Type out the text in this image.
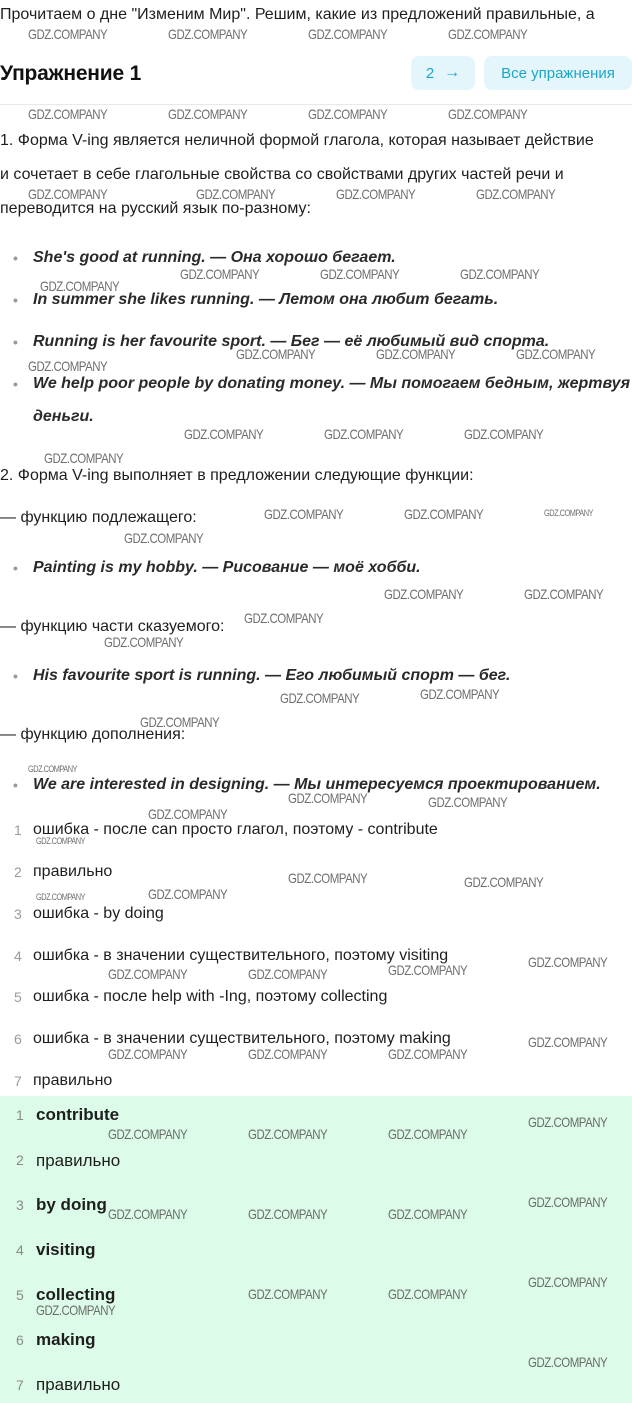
Прочитаем о дне "Изменим Мир". Решим, какие из предложений правильные, а
Упражнение 1	2 →	Все упражнения
1. Форма V-ing является неличной формой глагола, которая называет действие
и сочетает в себе глагольные свойства со свойствами других частей речи и
переводится на русский язык по-разному:
• She's good at running. — Она хорошо бегает.
• In summer she likes running. — Летом она любит бегать.
• Running is her favourite sport. — Бег — её любимый вид спорта.
• We help poor people by donating money. — Мы помогаем бедным, жертвуя
деньги.
2. Форма V-ing выполняет в предложении следующие функции:
— функцию подлежащего:
• Painting is my hobby. — Рисование — моё хобби.
— функцию части сказуемого:
• His favourite sport is running. — Его любимый спорт — бег.
— функцию дополнения:
• We are interested in designing. — Мы интересуемся проектированием.
1 ошибка - после can просто глагол, поэтому - contribute
2 правильно
3 ошибка - by doing
4 ошибка - в значении существительного, поэтому visiting
5 ошибка - после help with -Ing, поэтому collecting
6 ошибка - в значении существительного, поэтому making
7 правильно
1 contribute
2 правильно
3 by doing
4 visiting
5 collecting
6 making
7 правильно
GDZ.COMPANY	GDZ.COMPANY	GDZ.COMPANY	GDZ.COMPANY
GDZ.COMPANY	GDZ.COMPANY	GDZ.COMPANY	GDZ.COMPANY
GDZ.COMPANY	GDZ.COMPANY	GDZ.COMPANY	GDZ.COMPANY
GDZ.COMPANY	GDZ.COMPANY	GDZ.COMPANY
GDZ.COMPANY
GDZ.COMPANY	GDZ.COMPANY	GDZ.COMPANY
GDZ.COMPANY
GDZ.COMPANY	GDZ.COMPANY	GDZ.COMPANY
GDZ.COMPANY
GDZ.COMPANY	GDZ.COMPANY	GDZ.COMPANY
GDZ.COMPANY
GDZ.COMPANY	GDZ.COMPANY
GDZ.COMPANY
GDZ.COMPANY
GDZ.COMPANY	GDZ.COMPANY
GDZ.COMPANY
GDZ.COMPANY
GDZ.COMPANY	GDZ.COMPANY
GDZ.COMPANY
GDZ.COMPANY
GDZ.COMPANY	GDZ.COMPANY
GDZ.COMPANY	GDZ.COMPANY
GDZ.COMPANY
GDZ.COMPANY
GDZ.COMPANY	GDZ.COMPANY
GDZ.COMPANY
GDZ.COMPANY	GDZ.COMPANY	GDZ.COMPANY
GDZ.COMPANY
GDZ.COMPANY	GDZ.COMPANY	GDZ.COMPANY
GDZ.COMPANY
GDZ.COMPANY	GDZ.COMPANY	GDZ.COMPANY
GDZ.COMPANY
GDZ.COMPANY	GDZ.COMPANY
GDZ.COMPANY
GDZ.COMPANY
